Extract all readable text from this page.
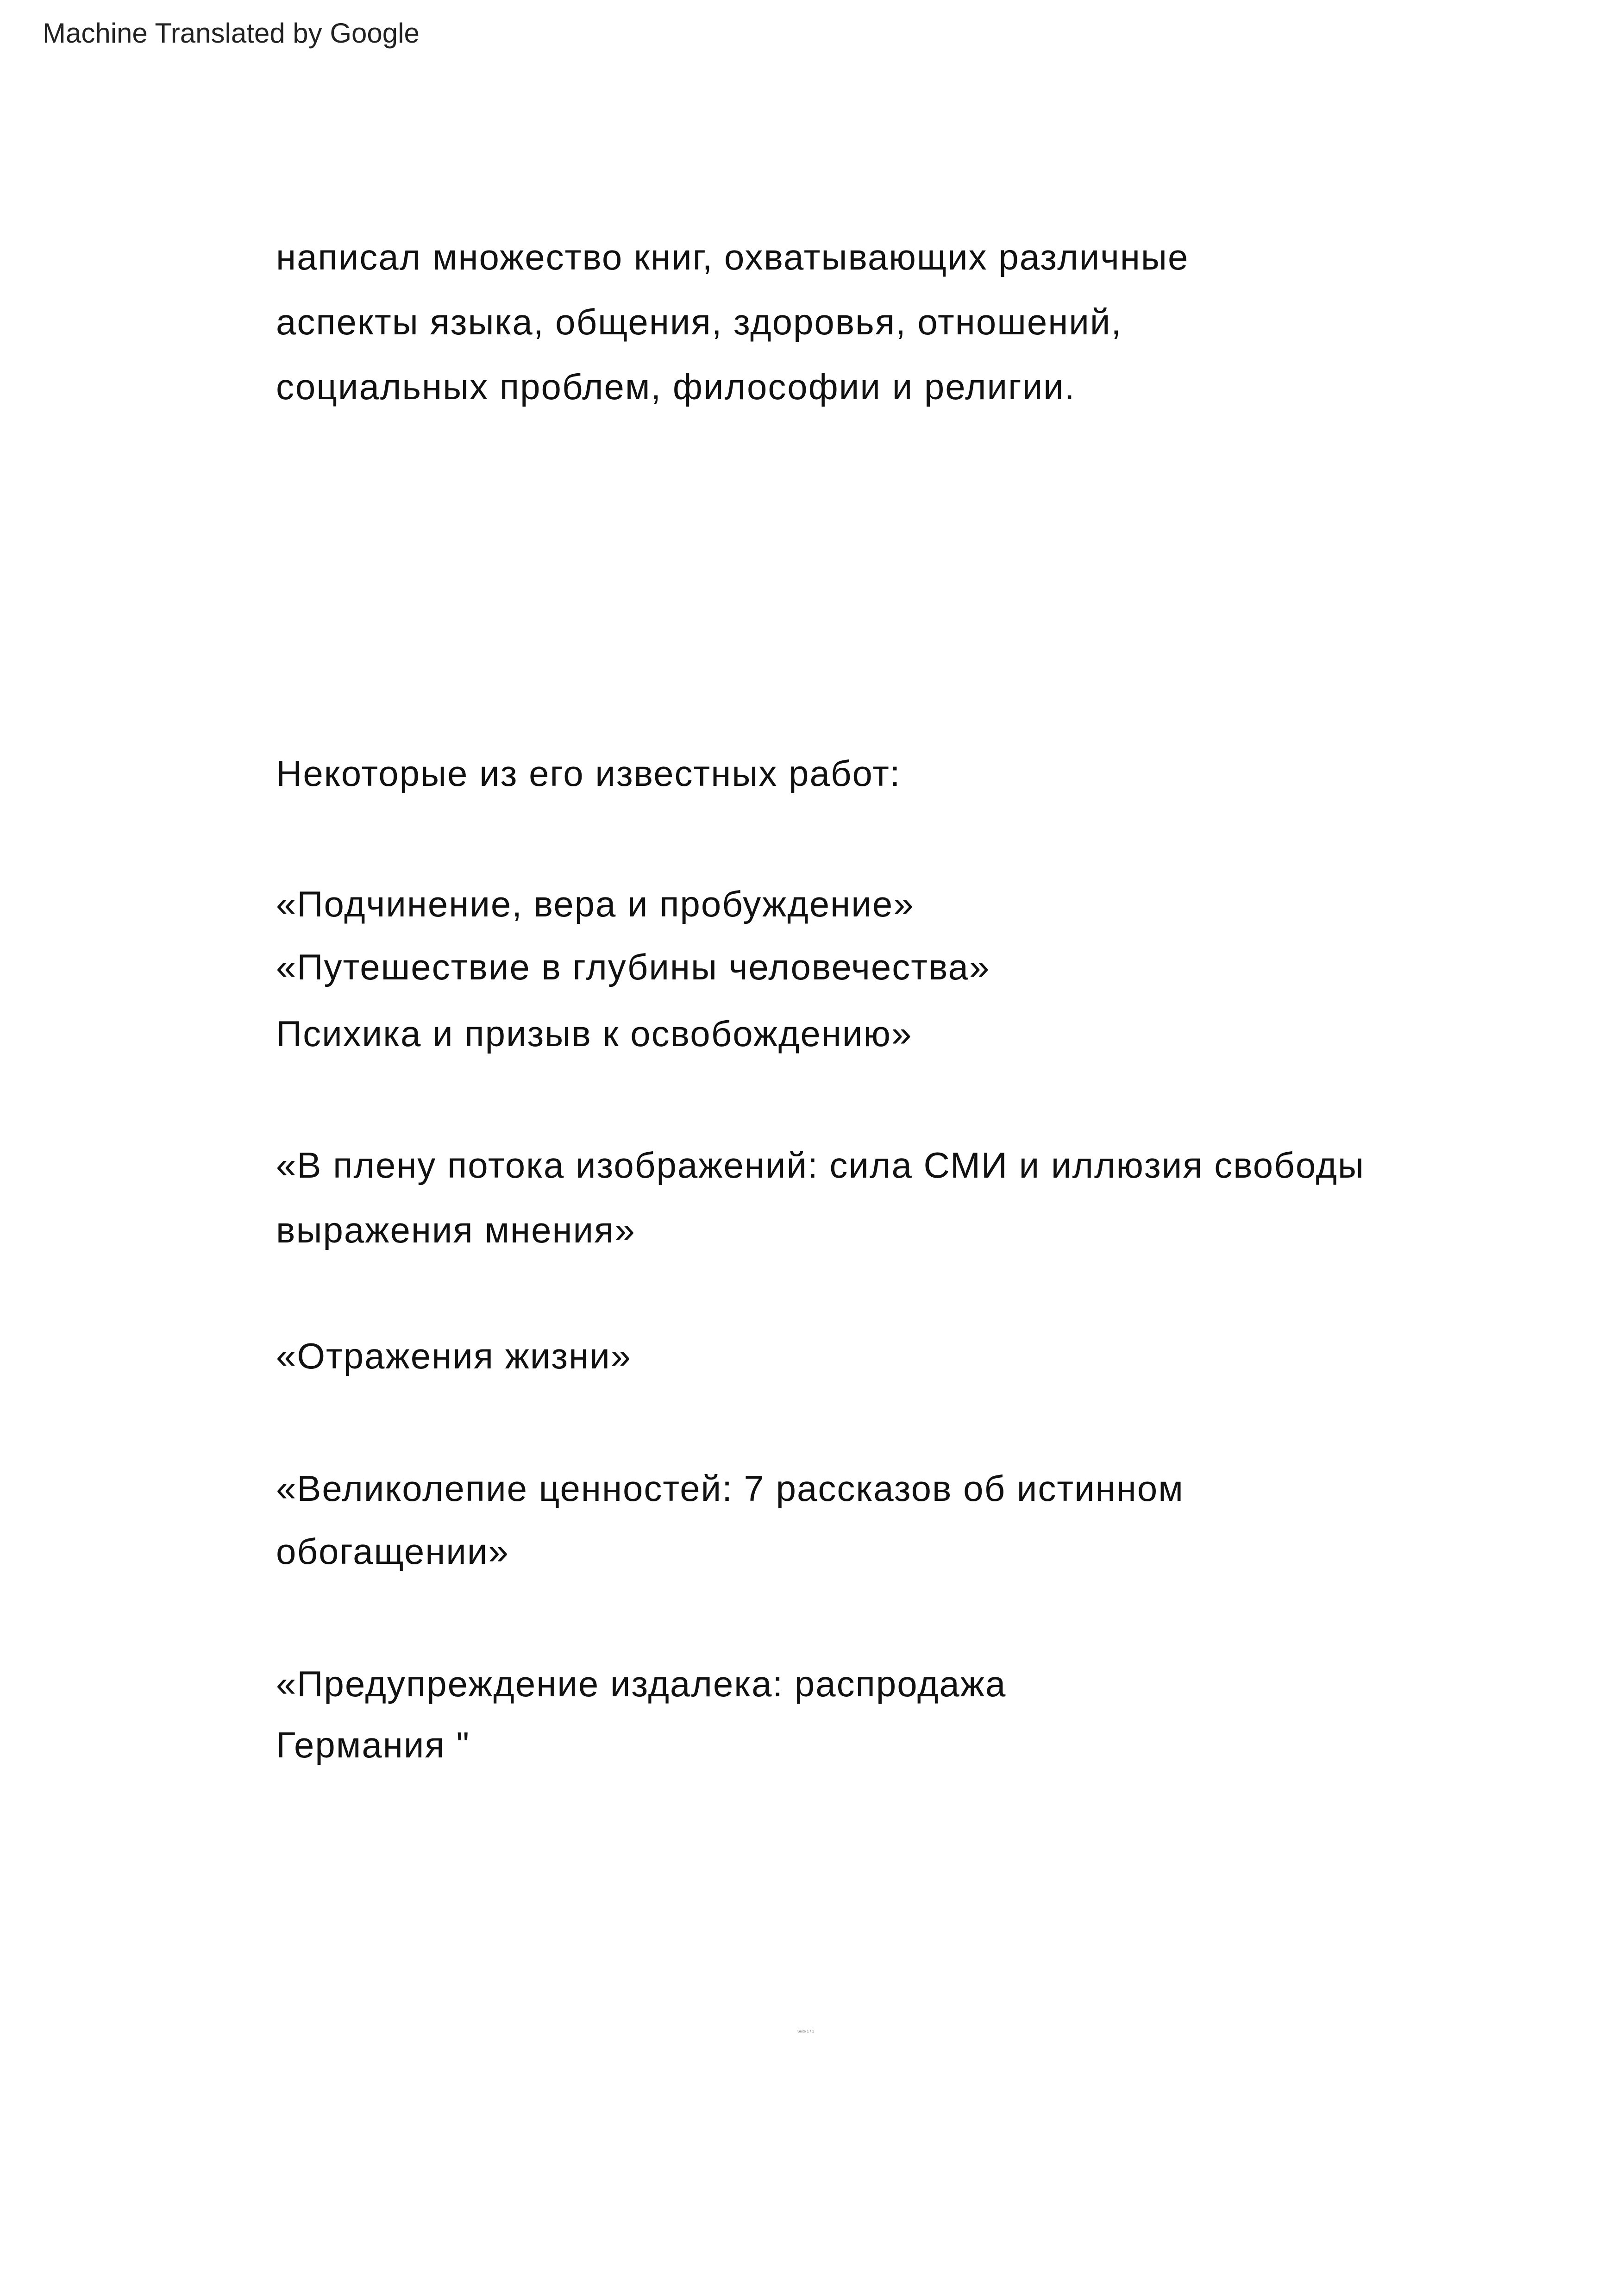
Machine Translated by Google
написал множество книг, охватывающих различные
аспекты языка, общения, здоровья, отношений,
социальных проблем, философии и религии.
Некоторые из его известных работ:
«Подчинение, вера и пробуждение»
«Путешествие в глубины человечества»
Психика и призыв к освобождению»
«В плену потока изображений: сила СМИ и иллюзия свободы
выражения мнения»
«Отражения жизни»
«Великолепие ценностей: 7 рассказов об истинном
обогащении»
«Предупреждение издалека: распродажа
Германия "
Seite 1 / 1
